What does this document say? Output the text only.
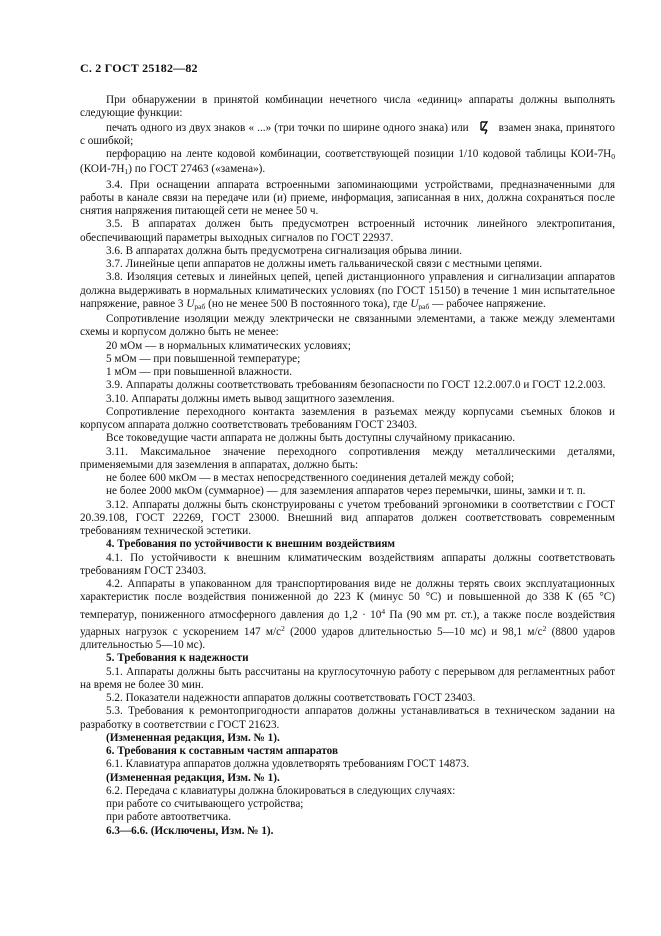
С. 2 ГОСТ 25182—82

При обнаружении в принятой комбинации нечетного числа «единиц» аппараты должны выполнять следующие функции:

печать одного из двух знаков « ...» (три точки по ширине одного знака) или	взамен знака, принятого с ошибкой;

перфорацию на ленте кодовой комбинации, соответствующей позиции 1/10 кодовой таблицы КОИ-$7Н_0$ $(КОИ-7Н_1)$ по ГОСТ 27463 («замена»).

3.4. При оснащении аппарата встроенными запоминающими устройствами, предназначенными для работы в канале связи на передаче или (и) приеме, информация, записанная в них, должна сохраняться после снятия напряжения питающей сети не менее 50 ч.

3.5. В аппаратах должен быть предусмотрен встроенный источник линейного электропитания, обеспечивающий параметры выходных сигналов по ГОСТ 22937.

3.6. В аппаратах должна быть предусмотрена сигнализация обрыва линии.

3.7. Линейные цепи аппаратов не должны иметь гальванической связи с местными цепями.

3.8. Изоляция сетевых и линейных цепей, цепей дистанционного управления и сигнализации аппаратов должна выдерживать в нормальных климатических условиях (по ГОСТ 15150) в течение 1 мин испытательное напряжение, равное 3 $U_{раб}$ (но не менее 500 В постоянного тока), где $U_{раб}$ — рабочее напряжение.

Сопротивление изоляции между электрически не связанными элементами, а также между элементами схемы и корпусом должно быть не менее:

20 мОм — в нормальных климатических условиях;

5 мОм — при повышенной температуре;

1 мОм — при повышенной влажности.

3.9. Аппараты должны соответствовать требованиям безопасности по ГОСТ 12.2.007.0 и ГОСТ 12.2.003.

3.10. Аппараты должны иметь вывод защитного заземления.

Сопротивление переходного контакта заземления в разъемах между корпусами съемных блоков и корпусом аппарата должно соответствовать требованиям ГОСТ 23403.

Все токоведущие части аппарата не должны быть доступны случайному прикасанию.

3.11. Максимальное значение переходного сопротивления между металлическими деталями, применяемыми для заземления в аппаратах, должно быть:

не более 600 мкОм — в местах непосредственного соединения деталей между собой;

не более 2000 мкОм (суммарное) — для заземления аппаратов через перемычки, шины, замки и т. п.

3.12. Аппараты должны быть сконструированы с учетом требований эргономики в соответствии с ГОСТ 20.39.108, ГОСТ 22269, ГОСТ 23000. Внешний вид аппаратов должен соответствовать современным требованиям технической эстетики.

4. Требования по устойчивости к внешним воздействиям

4.1. По устойчивости к внешним климатическим воздействиям аппараты должны соответствовать требованиям ГОСТ 23403.

4.2. Аппараты в упакованном для транспортирования виде не должны терять своих эксплуатационных характеристик после воздействия пониженной до 223 К (минус 50 °С) и повышенной до 338 К (65 °С) температур, пониженного атмосферного давления до $1,2 \cdot 10^4$ Па (90 мм рт. ст.), а также после воздействия ударных нагрузок с ускорением 147 $м/с^2$ (2000 ударов длительностью 5—10 мс) и 98,1 $м/с^2$ (8800 ударов длительностью 5—10 мс).

5. Требования к надежности

5.1. Аппараты должны быть рассчитаны на круглосуточную работу с перерывом для регламентных работ на время не более 30 мин.

5.2. Показатели надежности аппаратов должны соответствовать ГОСТ 23403.

5.3. Требования к ремонтопригодности аппаратов должны устанавливаться в техническом задании на разработку в соответствии с ГОСТ 21623.

(Измененная редакция, Изм. № 1).

6. Требования к составным частям аппаратов

6.1. Клавиатура аппаратов должна удовлетворять требованиям ГОСТ 14873.

(Измененная редакция, Изм. № 1).

6.2. Передача с клавиатуры должна блокироваться в следующих случаях:

при работе со считывающего устройства;

при работе автоответчика.

6.3—6.6. (Исключены, Изм. № 1).
